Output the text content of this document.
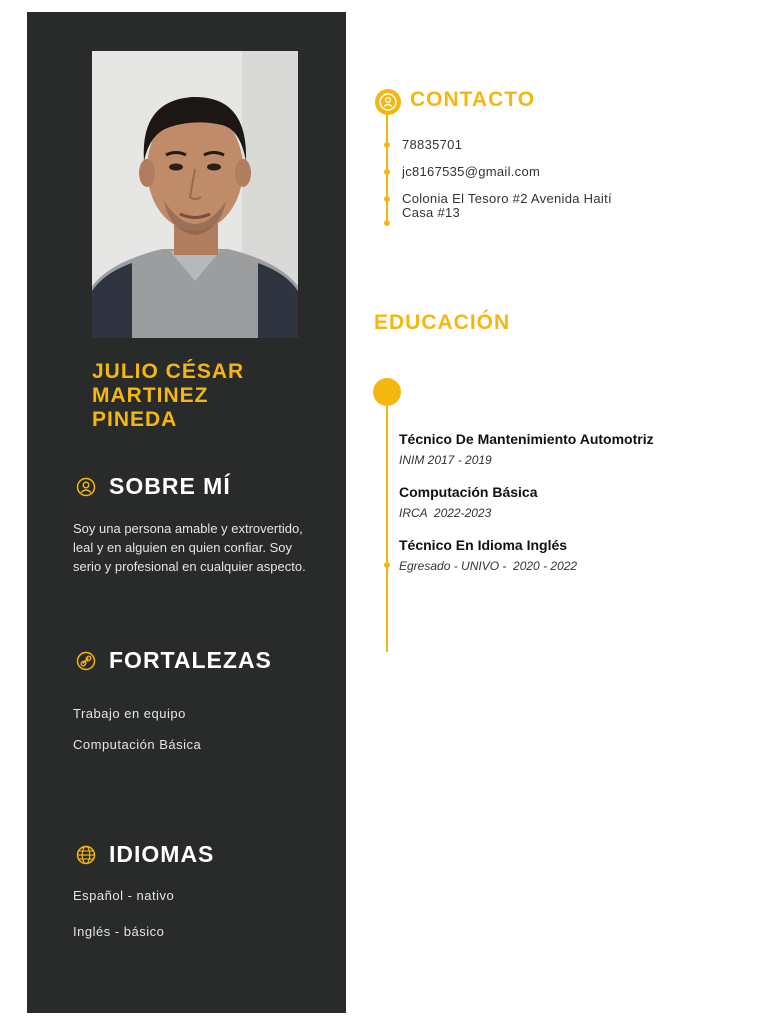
JULIO CÉSAR
MARTINEZ
PINEDA
SOBRE MÍ
Soy una persona amable y extrovertido, leal y en alguien en quien confiar. Soy serio y profesional en cualquier aspecto.
FORTALEZAS
Trabajo en equipo
Computación Básica
IDIOMAS
Español - nativo
Inglés - básico
CONTACTO
78835701
jc8167535@gmail.com
Colonia El Tesoro #2 Avenida Haití
Casa #13
EDUCACIÓN
Técnico De Mantenimiento Automotriz
INIM 2017 - 2019
Computación Básica
IRCA  2022-2023
Técnico En Idioma Inglés
Egresado - UNIVO -  2020 - 2022
